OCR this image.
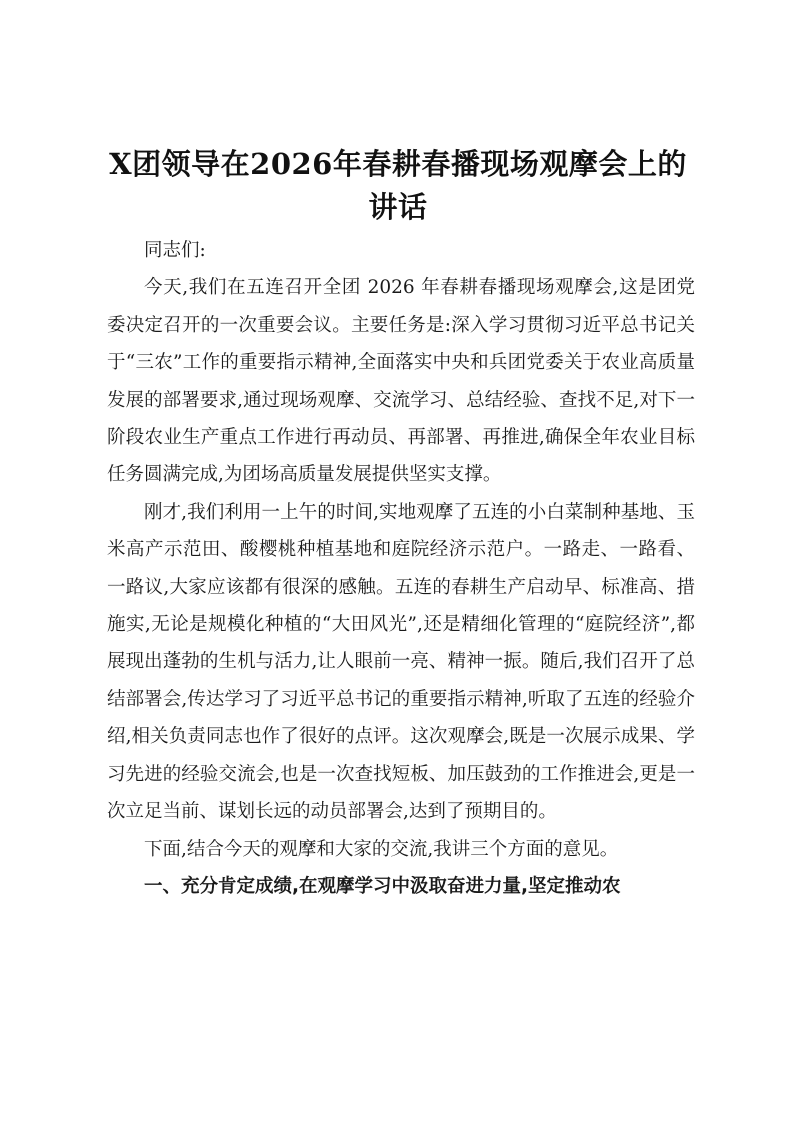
X团领导在2026年春耕春播现场观摩会上的讲话

同志们:

今天,我们在五连召开全团 2026 年春耕春播现场观摩会,这是团党委决定召开的一次重要会议。主要任务是:深入学习贯彻习近平总书记关于“三农”工作的重要指示精神,全面落实中央和兵团党委关于农业高质量发展的部署要求,通过现场观摩、交流学习、总结经验、查找不足,对下一阶段农业生产重点工作进行再动员、再部署、再推进,确保全年农业目标任务圆满完成,为团场高质量发展提供坚实支撑。

刚才,我们利用一上午的时间,实地观摩了五连的小白菜制种基地、玉米高产示范田、酸樱桃种植基地和庭院经济示范户。一路走、一路看、一路议,大家应该都有很深的感触。五连的春耕生产启动早、标准高、措施实,无论是规模化种植的“大田风光”,还是精细化管理的“庭院经济”,都展现出蓬勃的生机与活力,让人眼前一亮、精神一振。随后,我们召开了总结部署会,传达学习了习近平总书记的重要指示精神,听取了五连的经验介绍,相关负责同志也作了很好的点评。这次观摩会,既是一次展示成果、学习先进的经验交流会,也是一次查找短板、加压鼓劲的工作推进会,更是一次立足当前、谋划长远的动员部署会,达到了预期目的。

下面,结合今天的观摩和大家的交流,我讲三个方面的意见。

一、充分肯定成绩,在观摩学习中汲取奋进力量,坚定推动农
